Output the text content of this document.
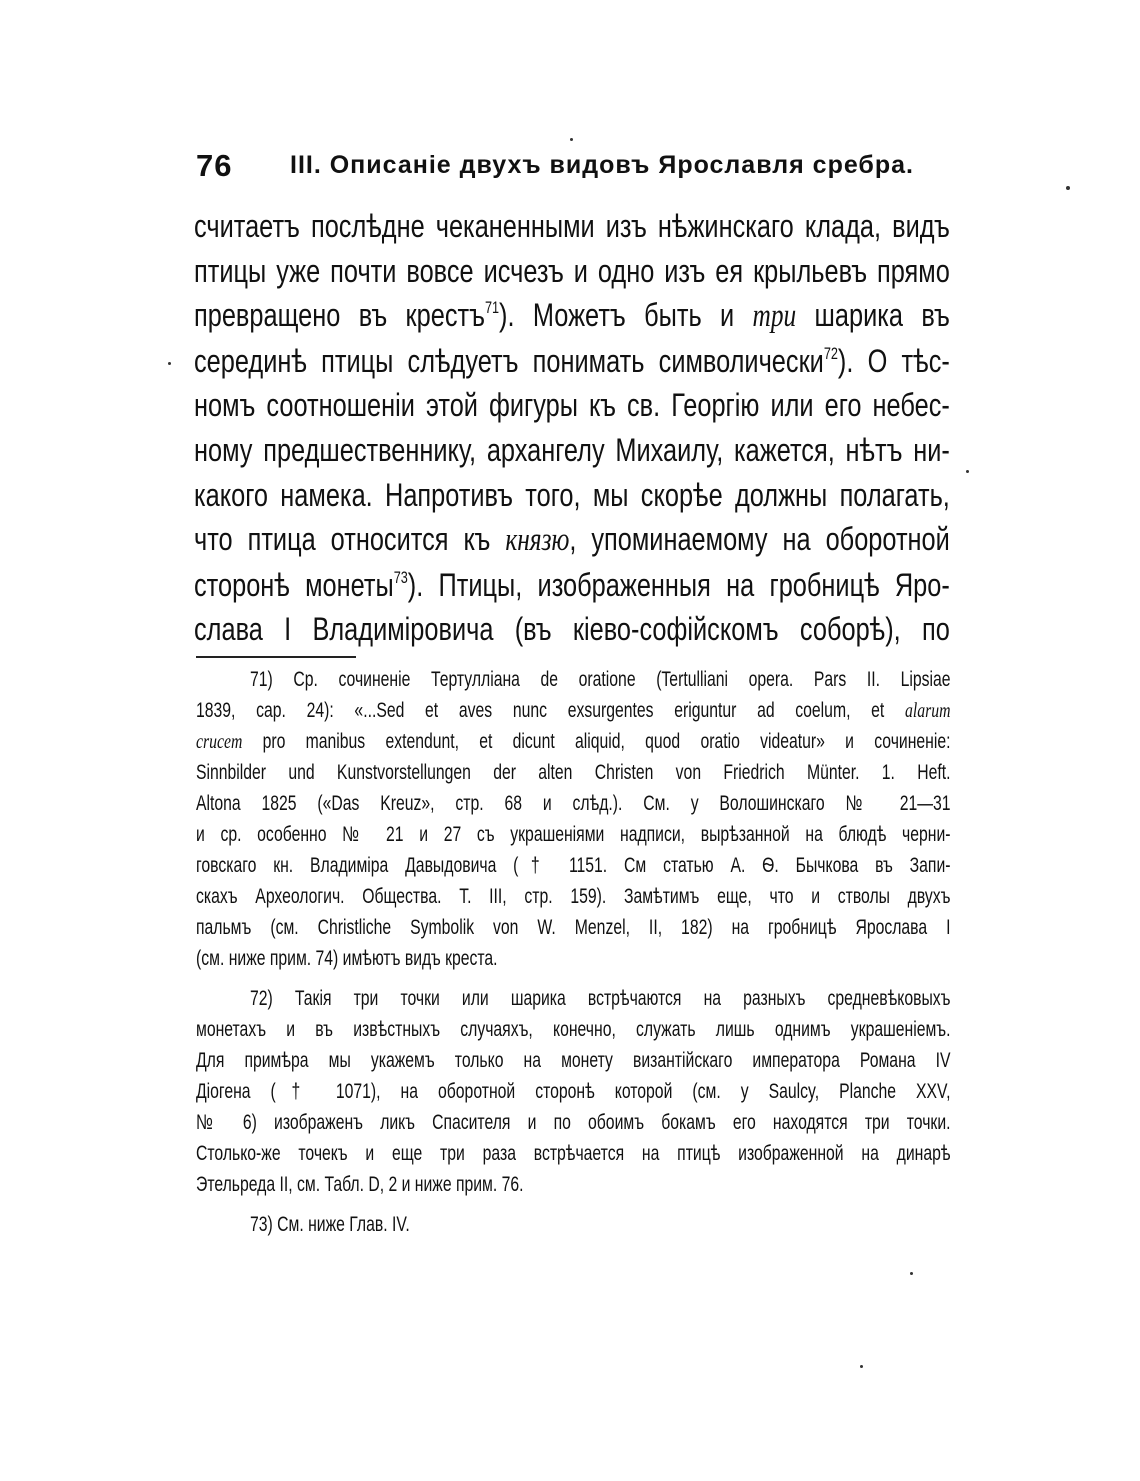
76 III. Описаніе двухъ видовъ Ярославля сребра.
считаетъ послѣдне чеканенными изъ нѣжинскаго клада, видъ
птицы уже почти вовсе исчезъ и одно изъ ея крыльевъ прямо
превращено въ крестъ$^{71}$). Можетъ быть и три шарика въ
серединѣ птицы слѣдуетъ понимать символически$^{72}$). О тѣс-
номъ соотношеніи этой фигуры къ св. Георгію или его небес-
ному предшественнику, архангелу Михаилу, кажется, нѣтъ ни-
какого намека. Напротивъ того, мы скорѣе должны полагать,
что птица относится къ князю, упоминаемому на оборотной
сторонѣ монеты$^{73}$). Птицы, изображенныя на гробницѣ Яро-
слава I Владиміровича (въ кіево-софійскомъ соборѣ), по
71) Ср. сочиненіе Тертулліана de oratione (Tertulliani opera. Pars II. Lipsiae
1839, cap. 24): «...Sed et aves nunc exsurgentes eriguntur ad coelum, et alarum
crucem pro manibus extendunt, et dicunt aliquid, quod oratio videatur» и сочиненіе:
Sinnbilder und Kunstvorstellungen der alten Christen von Friedrich Münter. 1. Heft.
Altona 1825 («Das Kreuz», стр. 68 и слѣд.). См. у Волошинскаго № 21—31
и ср. особенно № 21 и 27 съ украшеніями надписи, вырѣзанной на блюдѣ черни-
говскаго кн. Владиміра Давыдовича († 1151. См статью А. Ѳ. Бычкова въ Запи-
скахъ Археологич. Общества. Т. III, стр. 159). Замѣтимъ еще, что и стволы двухъ
пальмъ (см. Christliche Symbolik von W. Menzel, II, 182) на гробницѣ Ярослава I
(см. ниже прим. 74) имѣютъ видъ креста.
72) Такія три точки или шарика встрѣчаются на разныхъ средневѣковыхъ
монетахъ и въ извѣстныхъ случаяхъ, конечно, служать лишь однимъ украшеніемъ.
Для примѣра мы укажемъ только на монету византійскаго императора Романа IV
Діогена († 1071), на оборотной сторонѣ которой (см. у Saulcy, Planche XXV,
№ 6) изображенъ ликъ Спасителя и по обоимъ бокамъ его находятся три точки.
Столько-же точекъ и еще три раза встрѣчается на птицѣ изображенной на динарѣ
Этельреда II, см. Табл. D, 2 и ниже прим. 76.
73) См. ниже Глав. IV.
